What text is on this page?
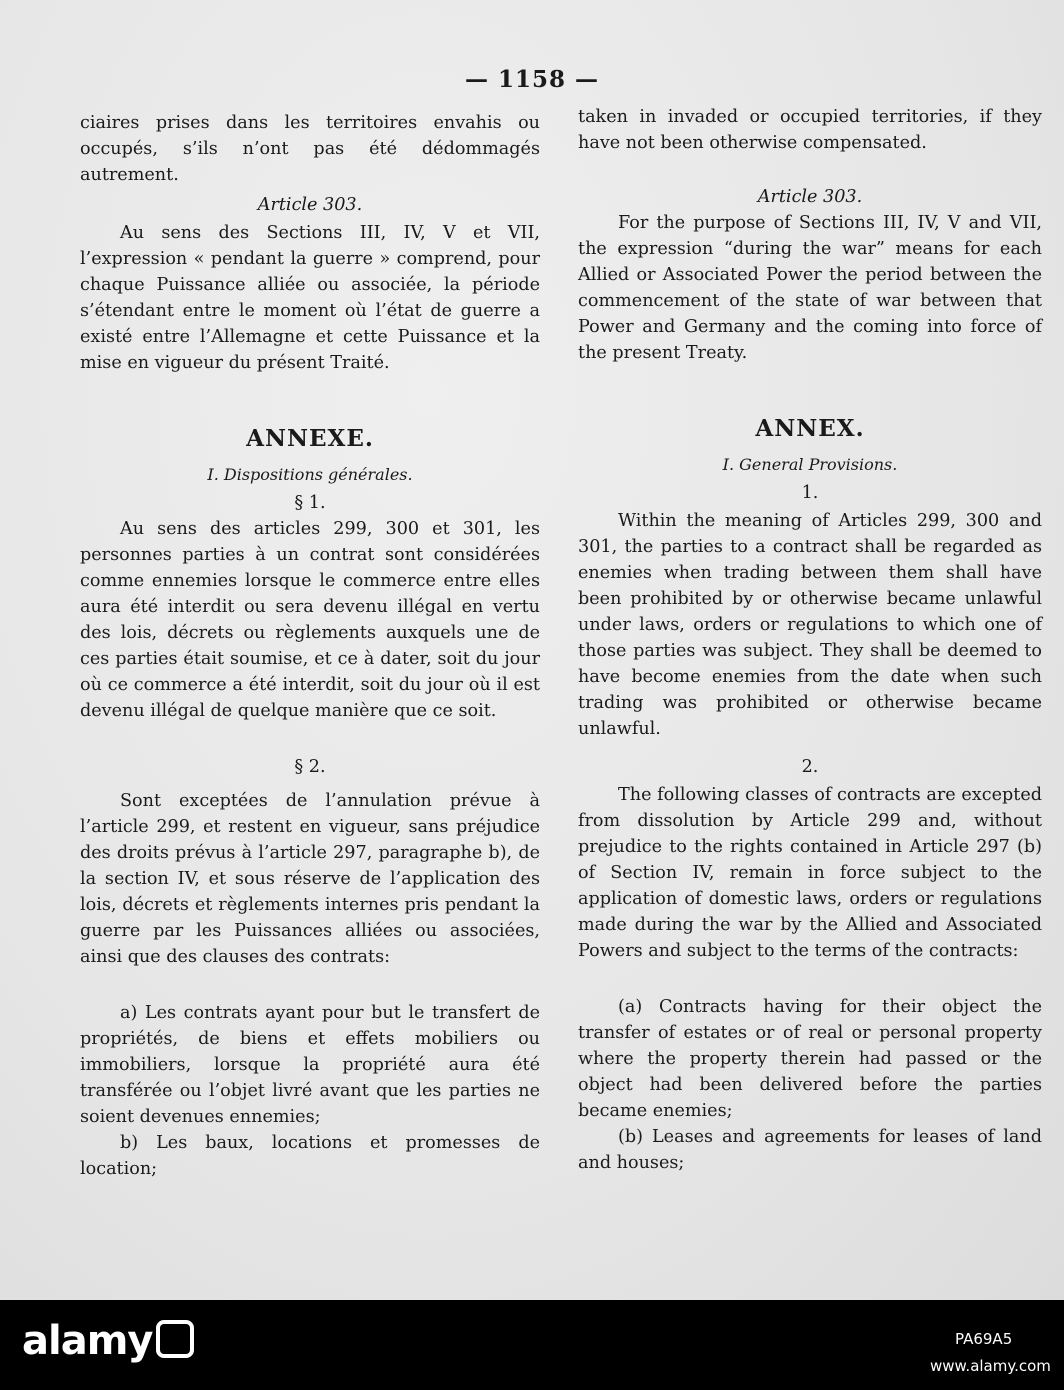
— 1158 —

ciaires prises dans les territoires envahis ou occupés, s’ils n’ont pas été dédommagés autrement.

Article 303.

Au sens des Sections III, IV, V et VII, l’expression « pendant la guerre » comprend, pour chaque Puissance alliée ou associée, la période s’étendant entre le moment où l’état de guerre a existé entre l’Allemagne et cette Puissance et la mise en vigueur du présent Traité.

ANNEXE.

I. Dispositions générales.

§ 1.

Au sens des articles 299, 300 et 301, les personnes parties à un contrat sont considérées comme ennemies lorsque le commerce entre elles aura été interdit ou sera devenu illégal en vertu des lois, décrets ou règlements auxquels une de ces parties était soumise, et ce à dater, soit du jour où ce commerce a été interdit, soit du jour où il est devenu illégal de quelque manière que ce soit.

§ 2.

Sont exceptées de l’annulation prévue à l’article 299, et restent en vigueur, sans préjudice des droits prévus à l’article 297, paragraphe b), de la section IV, et sous réserve de l’application des lois, décrets et règlements internes pris pendant la guerre par les Puissances alliées ou associées, ainsi que des clauses des contrats:

a) Les contrats ayant pour but le transfert de propriétés, de biens et effets mobiliers ou immobiliers, lorsque la propriété aura été transférée ou l’objet livré avant que les parties ne soient devenues ennemies;

b) Les baux, locations et promesses de location;

taken in invaded or occupied territories, if they have not been otherwise compensated.

Article 303.

For the purpose of Sections III, IV, V and VII, the expression “during the war” means for each Allied or Associated Power the period between the commencement of the state of war between that Power and Germany and the coming into force of the present Treaty.

ANNEX.

I. General Provisions.

1.

Within the meaning of Articles 299, 300 and 301, the parties to a contract shall be regarded as enemies when trading between them shall have been prohibited by or otherwise became unlawful under laws, orders or regulations to which one of those parties was subject. They shall be deemed to have become enemies from the date when such trading was prohibited or otherwise became unlawful.

2.

The following classes of contracts are excepted from dissolution by Article 299 and, without prejudice to the rights contained in Article 297 (b) of Section IV, remain in force subject to the application of domestic laws, orders or regulations made during the war by the Allied and Associated Powers and subject to the terms of the contracts:

(a) Contracts having for their object the transfer of estates or of real or personal property where the property therein had passed or the object had been delivered before the parties became enemies;

(b) Leases and agreements for leases of land and houses;

alamy	PA69A5
www.alamy.com
